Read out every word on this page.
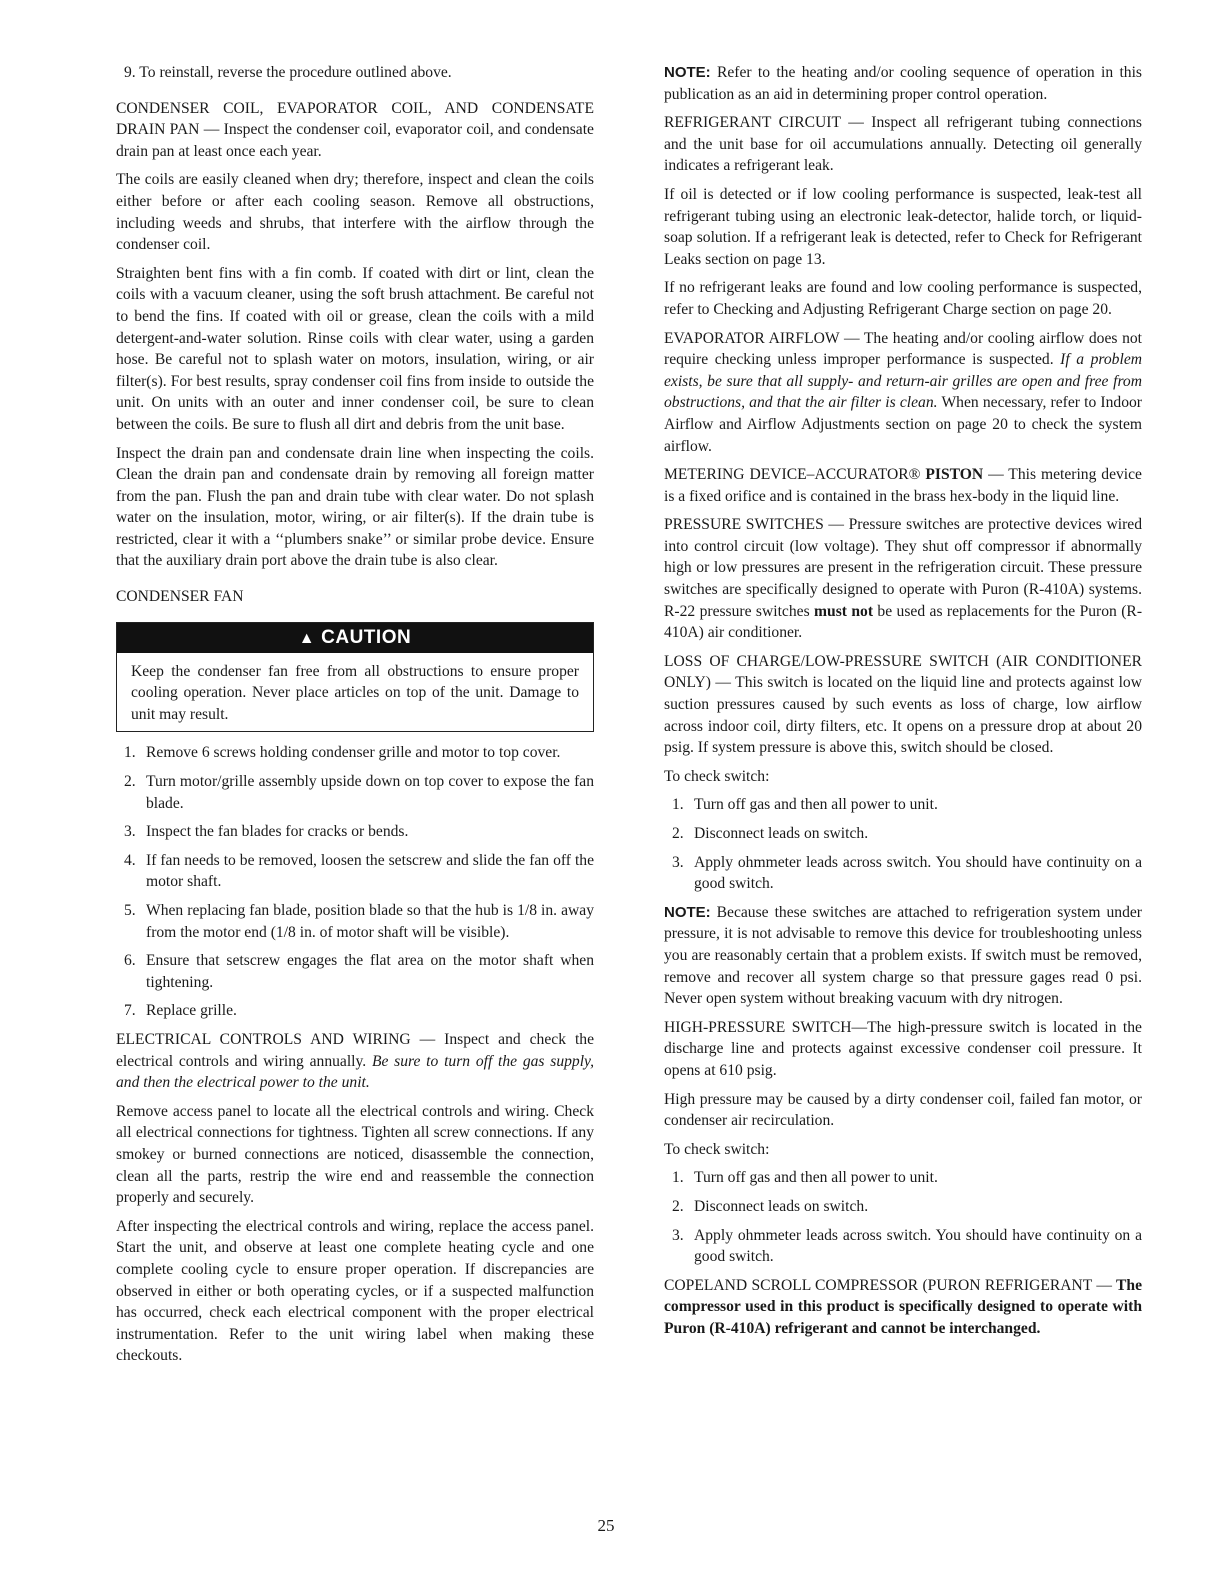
9. To reinstall, reverse the procedure outlined above.

CONDENSER COIL, EVAPORATOR COIL, AND CONDENSATE DRAIN PAN — Inspect the condenser coil, evaporator coil, and condensate drain pan at least once each year.

The coils are easily cleaned when dry; therefore, inspect and clean the coils either before or after each cooling season. Remove all obstructions, including weeds and shrubs, that interfere with the airflow through the condenser coil.

Straighten bent fins with a fin comb. If coated with dirt or lint, clean the coils with a vacuum cleaner, using the soft brush attachment. Be careful not to bend the fins. If coated with oil or grease, clean the coils with a mild detergent-and-water solution. Rinse coils with clear water, using a garden hose. Be careful not to splash water on motors, insulation, wiring, or air filter(s). For best results, spray condenser coil fins from inside to outside the unit. On units with an outer and inner condenser coil, be sure to clean between the coils. Be sure to flush all dirt and debris from the unit base.

Inspect the drain pan and condensate drain line when inspecting the coils. Clean the drain pan and condensate drain by removing all foreign matter from the pan. Flush the pan and drain tube with clear water. Do not splash water on the insulation, motor, wiring, or air filter(s). If the drain tube is restricted, clear it with a ‘‘plumbers snake’’ or similar probe device. Ensure that the auxiliary drain port above the drain tube is also clear.

CONDENSER FAN

▲ CAUTION
Keep the condenser fan free from all obstructions to ensure proper cooling operation. Never place articles on top of the unit. Damage to unit may result.
1. Remove 6 screws holding condenser grille and motor to top cover.
2. Turn motor/grille assembly upside down on top cover to expose the fan blade.
3. Inspect the fan blades for cracks or bends.
4. If fan needs to be removed, loosen the setscrew and slide the fan off the motor shaft.
5. When replacing fan blade, position blade so that the hub is 1/8 in. away from the motor end (1/8 in. of motor shaft will be visible).
6. Ensure that setscrew engages the flat area on the motor shaft when tightening.
7. Replace grille.

ELECTRICAL CONTROLS AND WIRING — Inspect and check the electrical controls and wiring annually. Be sure to turn off the gas supply, and then the electrical power to the unit.

Remove access panel to locate all the electrical controls and wiring. Check all electrical connections for tightness. Tighten all screw connections. If any smokey or burned connections are noticed, disassemble the connection, clean all the parts, restrip the wire end and reassemble the connection properly and securely.

After inspecting the electrical controls and wiring, replace the access panel. Start the unit, and observe at least one complete heating cycle and one complete cooling cycle to ensure proper operation. If discrepancies are observed in either or both operating cycles, or if a suspected malfunction has occurred, check each electrical component with the proper electrical instrumentation. Refer to the unit wiring label when making these checkouts.

NOTE: Refer to the heating and/or cooling sequence of operation in this publication as an aid in determining proper control operation.

REFRIGERANT CIRCUIT — Inspect all refrigerant tubing connections and the unit base for oil accumulations annually. Detecting oil generally indicates a refrigerant leak.

If oil is detected or if low cooling performance is suspected, leak-test all refrigerant tubing using an electronic leak-detector, halide torch, or liquid-soap solution. If a refrigerant leak is detected, refer to Check for Refrigerant Leaks section on page 13.

If no refrigerant leaks are found and low cooling performance is suspected, refer to Checking and Adjusting Refrigerant Charge section on page 20.

EVAPORATOR AIRFLOW — The heating and/or cooling airflow does not require checking unless improper performance is suspected. If a problem exists, be sure that all supply- and return-air grilles are open and free from obstructions, and that the air filter is clean. When necessary, refer to Indoor Airflow and Airflow Adjustments section on page 20 to check the system airflow.

METERING DEVICE–ACCURATOR® PISTON — This metering device is a fixed orifice and is contained in the brass hex-body in the liquid line.

PRESSURE SWITCHES — Pressure switches are protective devices wired into control circuit (low voltage). They shut off compressor if abnormally high or low pressures are present in the refrigeration circuit. These pressure switches are specifically designed to operate with Puron (R-410A) systems. R-22 pressure switches must not be used as replacements for the Puron (R-410A) air conditioner.

LOSS OF CHARGE/LOW-PRESSURE SWITCH (AIR CONDITIONER ONLY) — This switch is located on the liquid line and protects against low suction pressures caused by such events as loss of charge, low airflow across indoor coil, dirty filters, etc. It opens on a pressure drop at about 20 psig. If system pressure is above this, switch should be closed.

To check switch:

1. Turn off gas and then all power to unit.
2. Disconnect leads on switch.
3. Apply ohmmeter leads across switch. You should have continuity on a good switch.

NOTE: Because these switches are attached to refrigeration system under pressure, it is not advisable to remove this device for troubleshooting unless you are reasonably certain that a problem exists. If switch must be removed, remove and recover all system charge so that pressure gages read 0 psi. Never open system without breaking vacuum with dry nitrogen.

HIGH-PRESSURE SWITCH—The high-pressure switch is located in the discharge line and protects against excessive condenser coil pressure. It opens at 610 psig.

High pressure may be caused by a dirty condenser coil, failed fan motor, or condenser air recirculation.

To check switch:

1. Turn off gas and then all power to unit.
2. Disconnect leads on switch.
3. Apply ohmmeter leads across switch. You should have continuity on a good switch.

COPELAND SCROLL COMPRESSOR (PURON REFRIGERANT — The compressor used in this product is specifically designed to operate with Puron (R-410A) refrigerant and cannot be interchanged.

25
